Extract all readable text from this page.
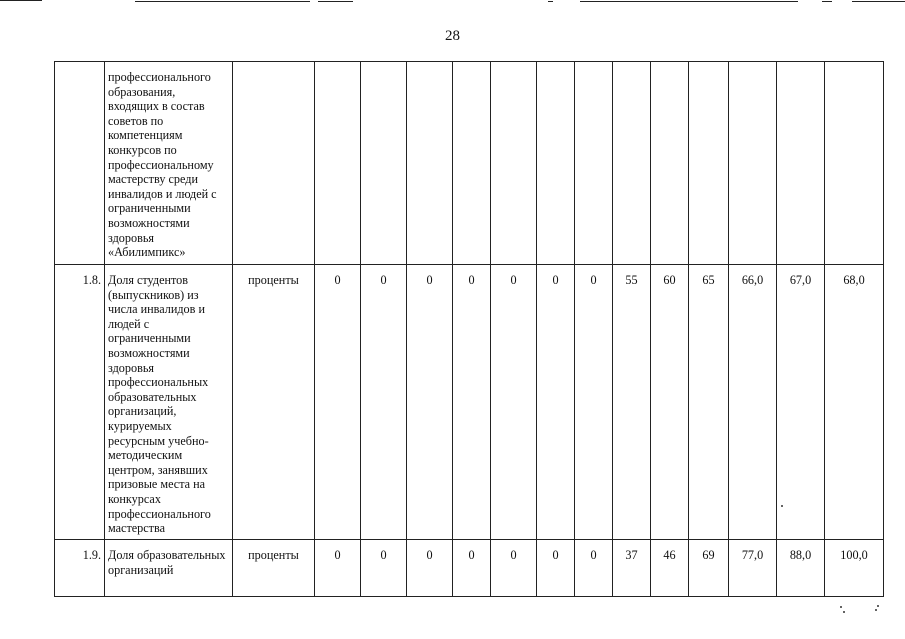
28
	профессионального образования, входящих в состав советов по компетенциям конкурсов по профессиональному мастерству среди инвалидов и людей с ограниченными возможностями здоровья «Абилимпикс»														
1.8.	Доля студентов (выпускников) из числа инвалидов и людей с ограниченными возможностями здоровья профессиональных образовательных организаций, курируемых ресурсным учебно-методическим центром, занявших призовые места на конкурсах профессионального мастерства	проценты	0	0	0	0	0	0	0	55	60	65	66,0	67,0	68,0
1.9.	Доля образовательных организаций	проценты	0	0	0	0	0	0	0	37	46	69	77,0	88,0	100,0
